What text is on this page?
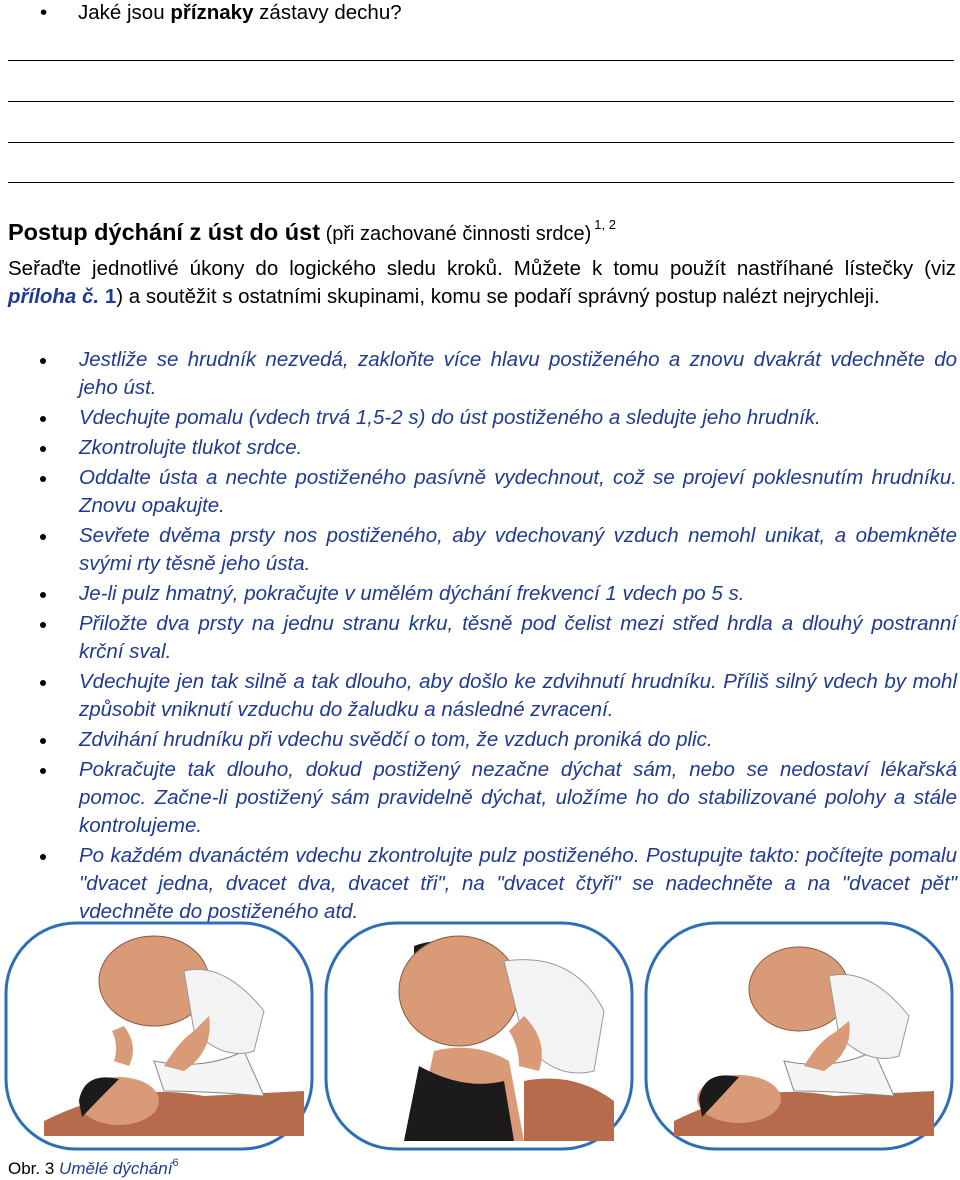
• Jaké jsou příznaky zástavy dechu?
Postup dýchání z úst do úst (při zachované činnosti srdce) $^{1, 2}$
Seřaďte jednotlivé úkony do logického sledu kroků. Můžete k tomu použít nastříhané lístečky (viz příloha č. 1) a soutěžit s ostatními skupinami, komu se podaří správný postup nalézt nejrychleji.
Jestliže se hrudník nezvedá, zakloňte více hlavu postiženého a znovu dvakrát vdechněte do jeho úst.
Vdechujte pomalu (vdech trvá 1,5-2 s) do úst postiženého a sledujte jeho hrudník.
Zkontrolujte tlukot srdce.
Oddalte ústa a nechte postiženého pasívně vydechnout, což se projeví poklesnutím hrudníku. Znovu opakujte.
Sevřete dvěma prsty nos postiženého, aby vdechovaný vzduch nemohl unikat, a obemkněte svými rty těsně jeho ústa.
Je-li pulz hmatný, pokračujte v umělém dýchání frekvencí 1 vdech po 5 s.
Přiložte dva prsty na jednu stranu krku, těsně pod čelist mezi střed hrdla a dlouhý postranní krční sval.
Vdechujte jen tak silně a tak dlouho, aby došlo ke zdvihnutí hrudníku. Příliš silný vdech by mohl způsobit vniknutí vzduchu do žaludku a následné zvracení.
Zdvihání hrudníku při vdechu svědčí o tom, že vzduch proniká do plic.
Pokračujte tak dlouho, dokud postižený nezačne dýchat sám, nebo se nedostaví lékařská pomoc. Začne-li postižený sám pravidelně dýchat, uložíme ho do stabilizované polohy a stále kontrolujeme.
Po každém dvanáctém vdechu zkontrolujte pulz postiženého. Postupujte takto: počítejte pomalu "dvacet jedna, dvacet dva, dvacet tři", na "dvacet čtyři" se nadechněte a na "dvacet pět" vdechněte do postiženého atd.
Obr. 3 Umělé dýchání$^6$
